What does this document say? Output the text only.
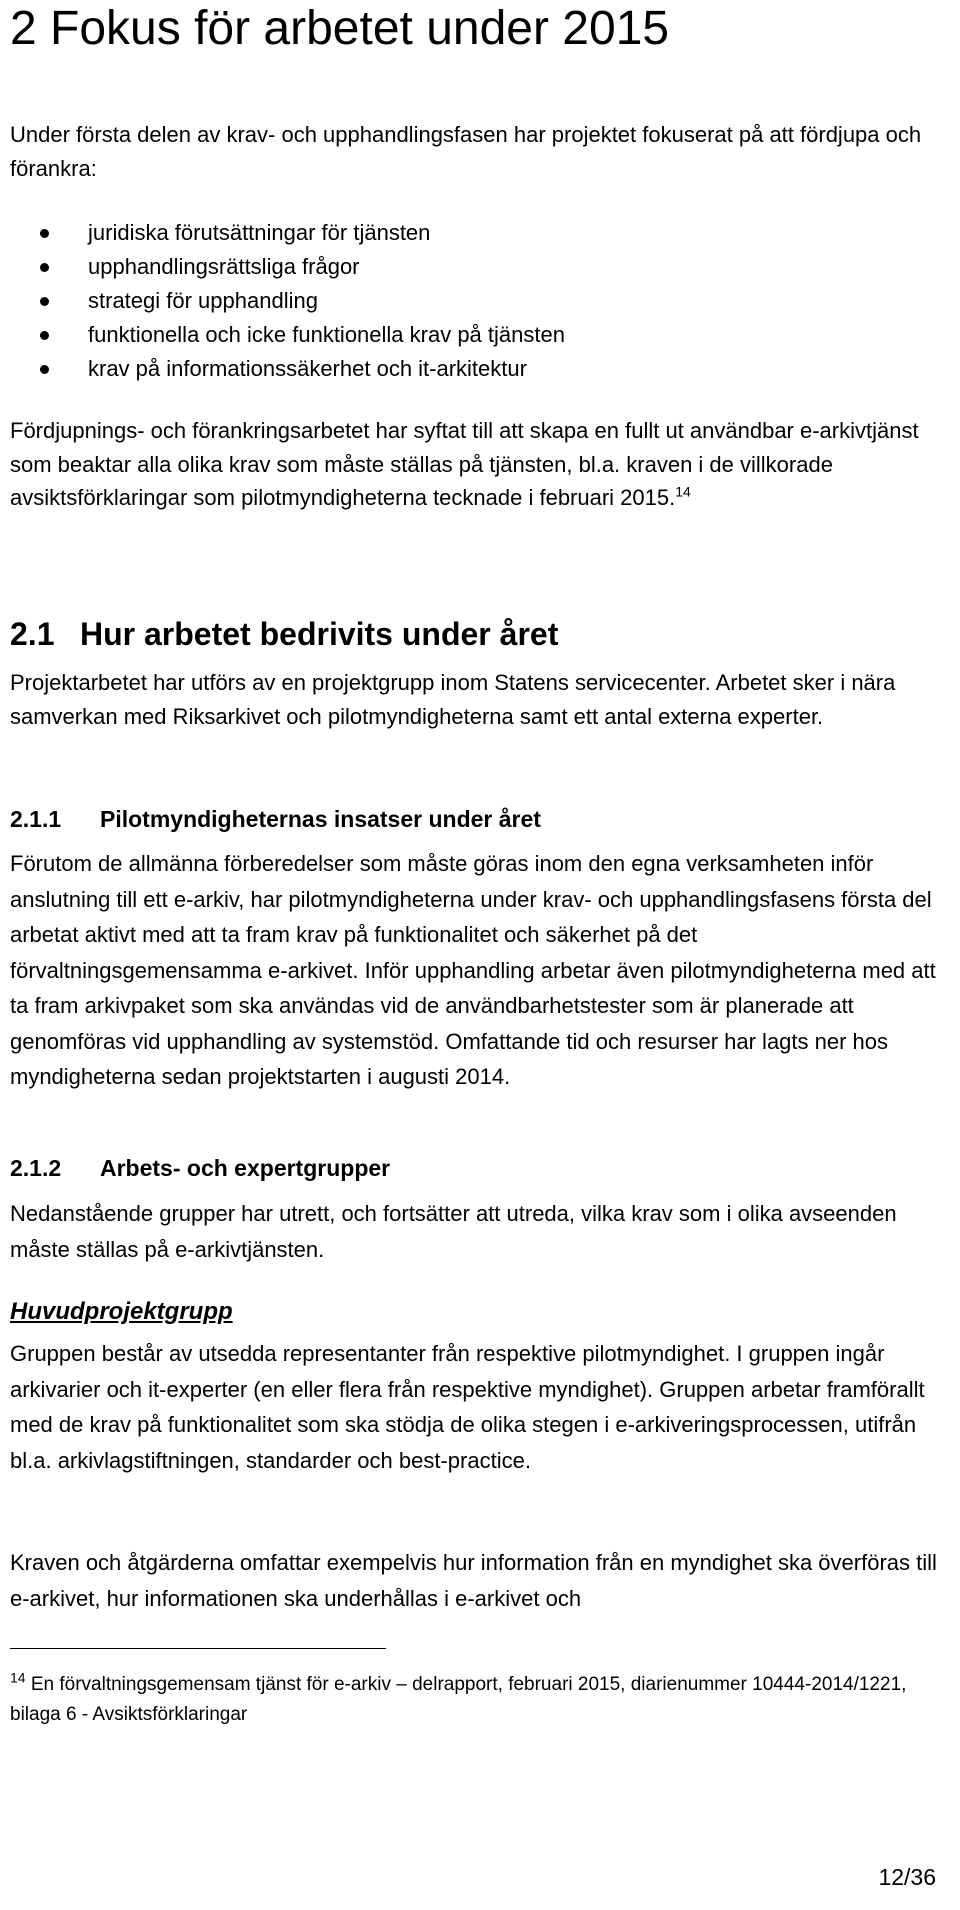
2 Fokus för arbetet under 2015

Under första delen av krav- och upphandlingsfasen har projektet fokuserat på att fördjupa och förankra:

juridiska förutsättningar för tjänsten
upphandlingsrättsliga frågor
strategi för upphandling
funktionella och icke funktionella krav på tjänsten
krav på informationssäkerhet och it-arkitektur

Fördjupnings- och förankringsarbetet har syftat till att skapa en fullt ut användbar e-arkivtjänst som beaktar alla olika krav som måste ställas på tjänsten, bl.a. kraven i de villkorade avsiktsförklaringar som pilotmyndigheterna tecknade i februari 2015.14

2.1 Hur arbetet bedrivits under året

Projektarbetet har utförs av en projektgrupp inom Statens servicecenter. Arbetet sker i nära samverkan med Riksarkivet och pilotmyndigheterna samt ett antal externa experter.

2.1.1 Pilotmyndigheternas insatser under året

Förutom de allmänna förberedelser som måste göras inom den egna verksamheten inför anslutning till ett e-arkiv, har pilotmyndigheterna under krav- och upphandlingsfasens första del arbetat aktivt med att ta fram krav på funktionalitet och säkerhet på det förvaltningsgemensamma e-arkivet. Inför upphandling arbetar även pilotmyndigheterna med att ta fram arkivpaket som ska användas vid de användbarhetstester som är planerade att genomföras vid upphandling av systemstöd. Omfattande tid och resurser har lagts ner hos myndigheterna sedan projektstarten i augusti 2014.

2.1.2 Arbets- och expertgrupper

Nedanstående grupper har utrett, och fortsätter att utreda, vilka krav som i olika avseenden måste ställas på e-arkivtjänsten.

Huvudprojektgrupp

Gruppen består av utsedda representanter från respektive pilotmyndighet. I gruppen ingår arkivarier och it-experter (en eller flera från respektive myndighet). Gruppen arbetar framförallt med de krav på funktionalitet som ska stödja de olika stegen i e-arkiveringsprocessen, utifrån bl.a. arkivlagstiftningen, standarder och best-practice.

Kraven och åtgärderna omfattar exempelvis hur information från en myndighet ska överföras till e-arkivet, hur informationen ska underhållas i e-arkivet och

$^{14}$ En förvaltningsgemensam tjänst för e-arkiv – delrapport, februari 2015, diarienummer 10444-2014/1221, bilaga 6 - Avsiktsförklaringar

12/36
